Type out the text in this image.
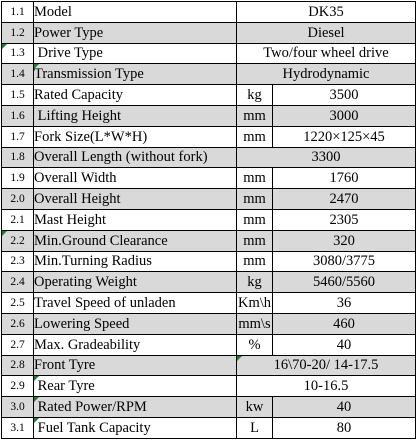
1.1	Model	DK35	
1.2	Power Type	Diesel	
1.3	Drive Type	Two/four wheel drive	
1.4	Transmission Type	Hydrodynamic	
1.5	Rated Capacity	kg	3500
1.6	Lifting Height	mm	3000
1.7	Fork Size(L*W*H)	mm	1220×125×45
1.8	Overall Length (without fork)	3300	
1.9	Overall Width	mm	1760
2.0	Overall Height	mm	2470
2.1	Mast Height	mm	2305
2.2	Min.Ground Clearance	mm	320
2.3	Min.Turning Radius	mm	3080/3775
2.4	Operating Weight	kg	5460/5560
2.5	Travel Speed of unladen	Km\h	36
2.6	Lowering Speed	mm\s	460
2.7	Max. Gradeability	%	40
2.8	Front Tyre	16\70-20/ 14-17.5	
2.9	Rear Tyre	10-16.5	
3.0	Rated Power/RPM	kw	40
3.1	Fuel Tank Capacity	L	80
